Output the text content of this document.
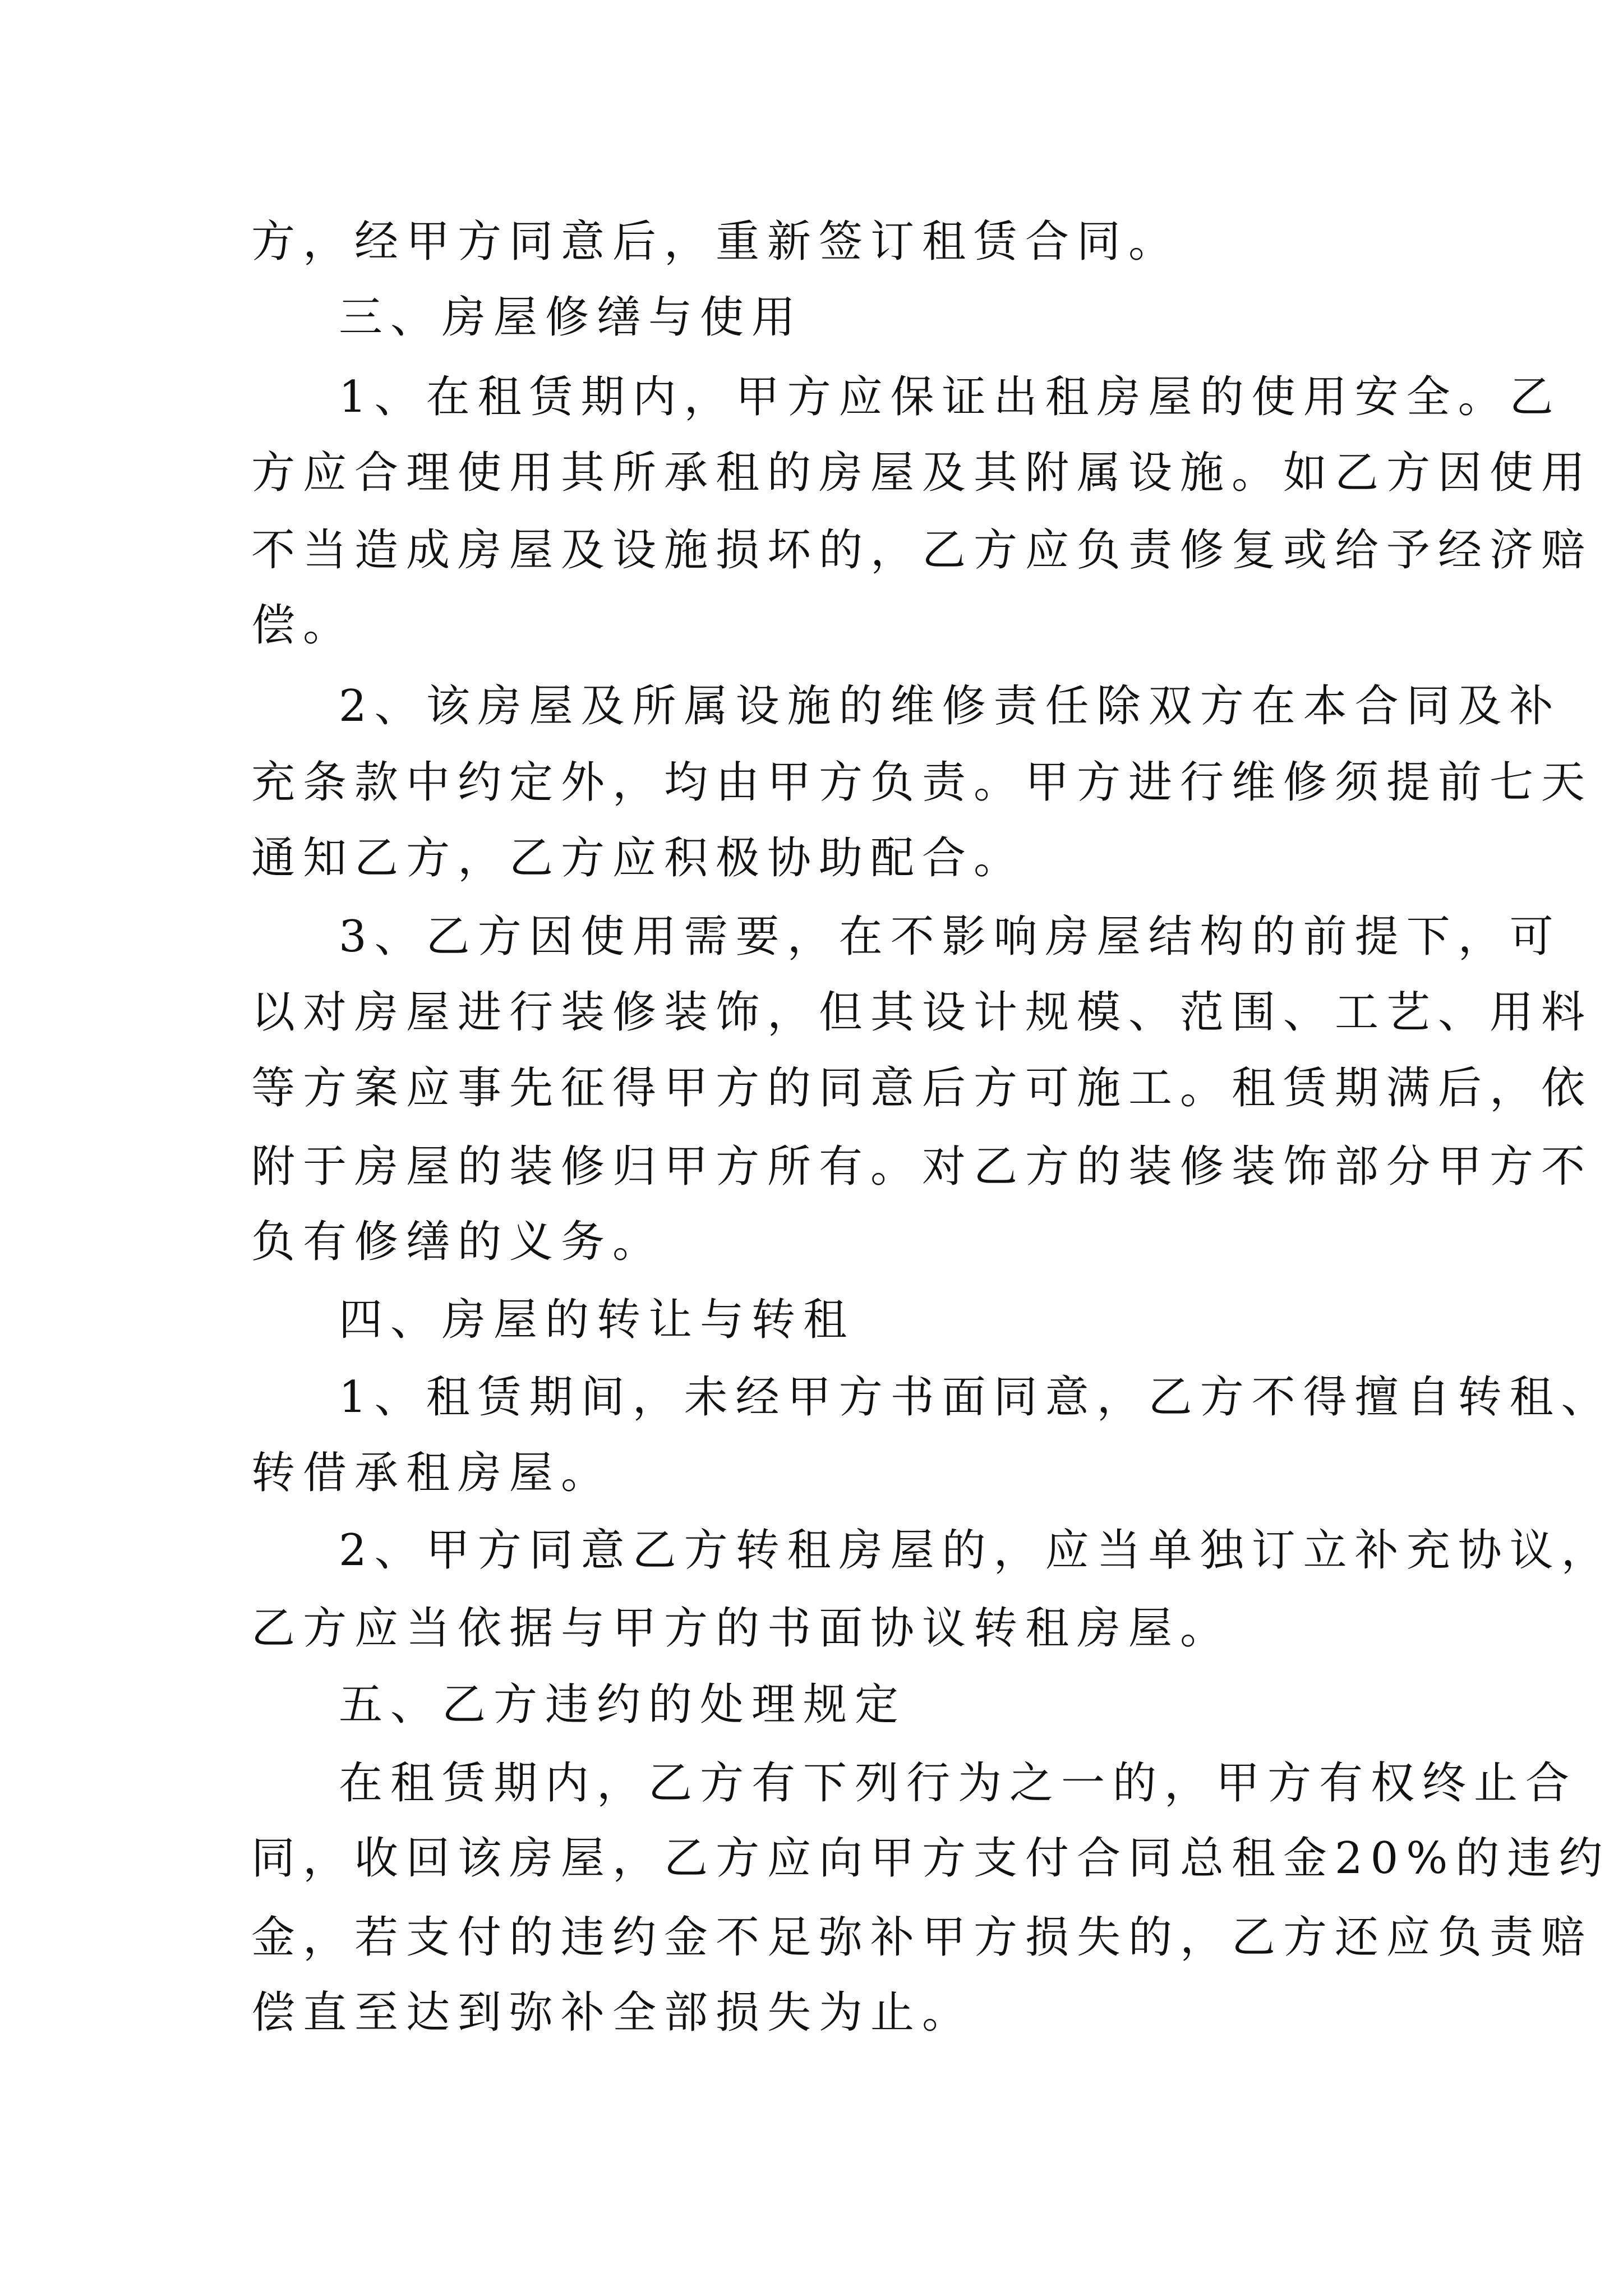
方，经甲方同意后，重新签订租赁合同。

三、房屋修缮与使用

1、在租赁期内，甲方应保证出租房屋的使用安全。乙

方应合理使用其所承租的房屋及其附属设施。如乙方因使用

不当造成房屋及设施损坏的，乙方应负责修复或给予经济赔

偿。

2、该房屋及所属设施的维修责任除双方在本合同及补

充条款中约定外，均由甲方负责。甲方进行维修须提前七天

通知乙方，乙方应积极协助配合。

3、乙方因使用需要，在不影响房屋结构的前提下，可

以对房屋进行装修装饰，但其设计规模、范围、工艺、用料

等方案应事先征得甲方的同意后方可施工。租赁期满后，依

附于房屋的装修归甲方所有。对乙方的装修装饰部分甲方不

负有修缮的义务。

四、房屋的转让与转租

1、租赁期间，未经甲方书面同意，乙方不得擅自转租、

转借承租房屋。

2、甲方同意乙方转租房屋的，应当单独订立补充协议，

乙方应当依据与甲方的书面协议转租房屋。

五、乙方违约的处理规定

在租赁期内，乙方有下列行为之一的，甲方有权终止合

同，收回该房屋，乙方应向甲方支付合同总租金20%的违约

金，若支付的违约金不足弥补甲方损失的，乙方还应负责赔

偿直至达到弥补全部损失为止。
